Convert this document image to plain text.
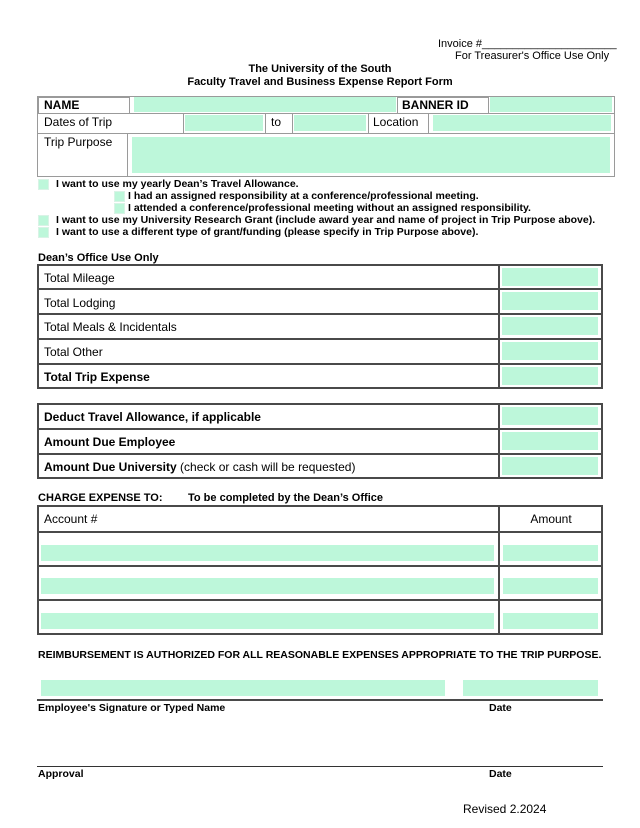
Invoice #______________________
For Treasurer's Office Use Only
The University of the South
Faculty Travel and Business Expense Report Form
NAME	BANNER ID
Dates of Trip	to	Location
Trip Purpose
I want to use my yearly Dean’s Travel Allowance.
I had an assigned responsibility at a conference/professional meeting.
I attended a conference/professional meeting without an assigned responsibility.
I want to use my University Research Grant (include award year and name of project in Trip Purpose above).
I want to use a different type of grant/funding (please specify in Trip Purpose above).
Dean’s Office Use Only
Total Mileage
Total Lodging
Total Meals & Incidentals
Total Other
Total Trip Expense
Deduct Travel Allowance, if applicable
Amount Due Employee
Amount Due University (check or cash will be requested)
CHARGE EXPENSE TO: To be completed by the Dean’s Office
Account #	Amount
REIMBURSEMENT IS AUTHORIZED FOR ALL REASONABLE EXPENSES APPROPRIATE TO THE TRIP PURPOSE.
Employee's Signature or Typed Name	Date
Approval	Date
Revised 2.2024
